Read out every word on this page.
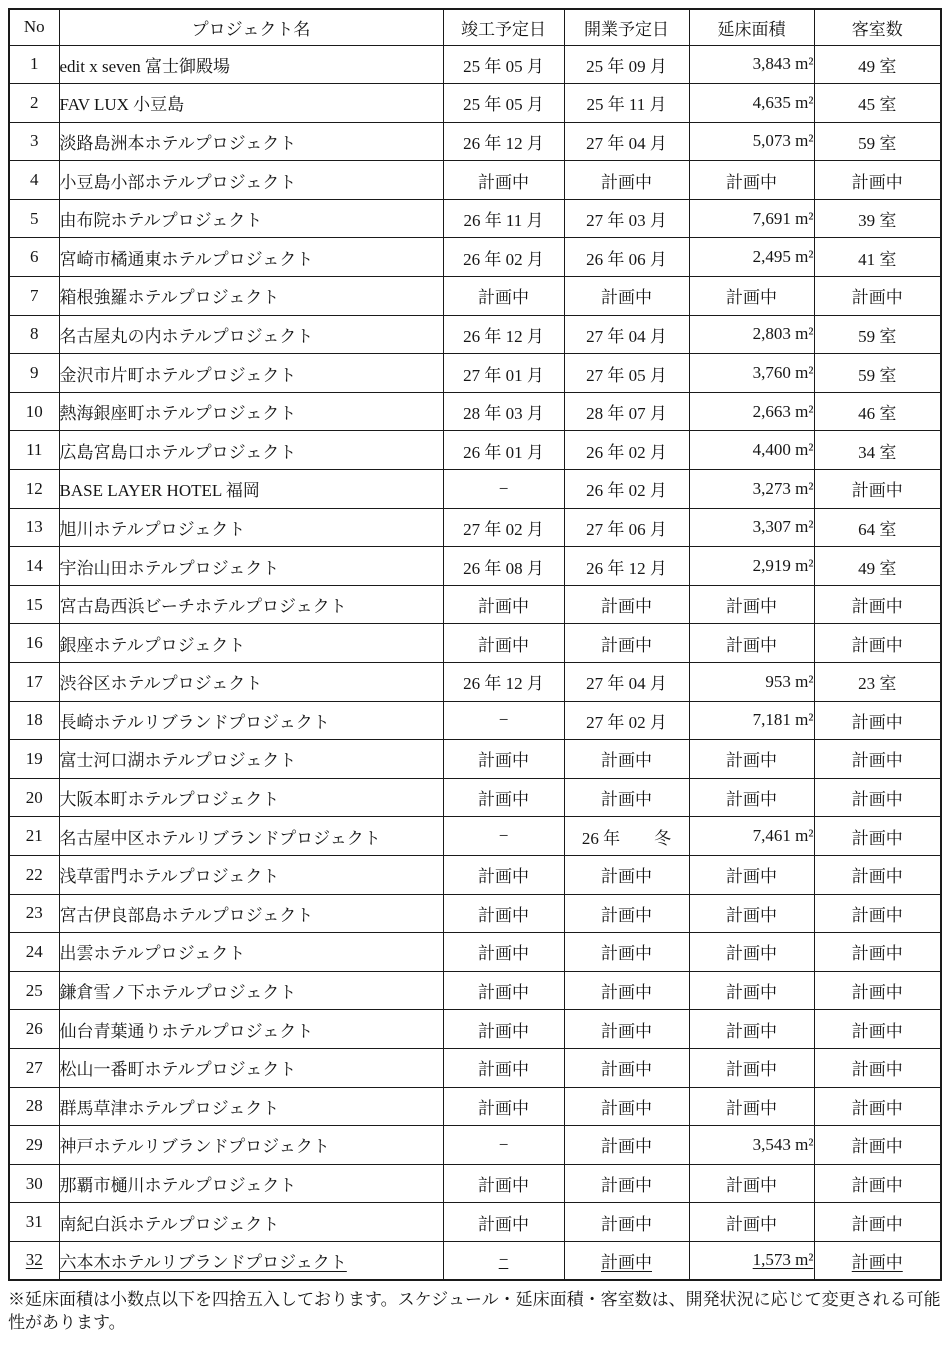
No	プロジェクト名	竣工予定日	開業予定日	延床面積	客室数
1	edit x seven 富士御殿場	25 年 05 月	25 年 09 月	3,843 m²	49 室
2	FAV LUX 小豆島	25 年 05 月	25 年 11 月	4,635 m²	45 室
3	淡路島洲本ホテルプロジェクト	26 年 12 月	27 年 04 月	5,073 m²	59 室
4	小豆島小部ホテルプロジェクト	計画中	計画中	計画中	計画中
5	由布院ホテルプロジェクト	26 年 11 月	27 年 03 月	7,691 m²	39 室
6	宮崎市橘通東ホテルプロジェクト	26 年 02 月	26 年 06 月	2,495 m²	41 室
7	箱根強羅ホテルプロジェクト	計画中	計画中	計画中	計画中
8	名古屋丸の内ホテルプロジェクト	26 年 12 月	27 年 04 月	2,803 m²	59 室
9	金沢市片町ホテルプロジェクト	27 年 01 月	27 年 05 月	3,760 m²	59 室
10	熱海銀座町ホテルプロジェクト	28 年 03 月	28 年 07 月	2,663 m²	46 室
11	広島宮島口ホテルプロジェクト	26 年 01 月	26 年 02 月	4,400 m²	34 室
12	BASE LAYER HOTEL 福岡	−	26 年 02 月	3,273 m²	計画中
13	旭川ホテルプロジェクト	27 年 02 月	27 年 06 月	3,307 m²	64 室
14	宇治山田ホテルプロジェクト	26 年 08 月	26 年 12 月	2,919 m²	49 室
15	宮古島西浜ビーチホテルプロジェクト	計画中	計画中	計画中	計画中
16	銀座ホテルプロジェクト	計画中	計画中	計画中	計画中
17	渋谷区ホテルプロジェクト	26 年 12 月	27 年 04 月	953 m²	23 室
18	長崎ホテルリブランドプロジェクト	−	27 年 02 月	7,181 m²	計画中
19	富士河口湖ホテルプロジェクト	計画中	計画中	計画中	計画中
20	大阪本町ホテルプロジェクト	計画中	計画中	計画中	計画中
21	名古屋中区ホテルリブランドプロジェクト	−	26 年　　冬	7,461 m²	計画中
22	浅草雷門ホテルプロジェクト	計画中	計画中	計画中	計画中
23	宮古伊良部島ホテルプロジェクト	計画中	計画中	計画中	計画中
24	出雲ホテルプロジェクト	計画中	計画中	計画中	計画中
25	鎌倉雪ノ下ホテルプロジェクト	計画中	計画中	計画中	計画中
26	仙台青葉通りホテルプロジェクト	計画中	計画中	計画中	計画中
27	松山一番町ホテルプロジェクト	計画中	計画中	計画中	計画中
28	群馬草津ホテルプロジェクト	計画中	計画中	計画中	計画中
29	神戸ホテルリブランドプロジェクト	−	計画中	3,543 m²	計画中
30	那覇市樋川ホテルプロジェクト	計画中	計画中	計画中	計画中
31	南紀白浜ホテルプロジェクト	計画中	計画中	計画中	計画中
32	六本木ホテルリブランドプロジェクト	−	計画中	1,573 m²	計画中

※延床面積は小数点以下を四捨五入しております。スケジュール・延床面積・客室数は、開発状況に応じて変更される可能性があります。
